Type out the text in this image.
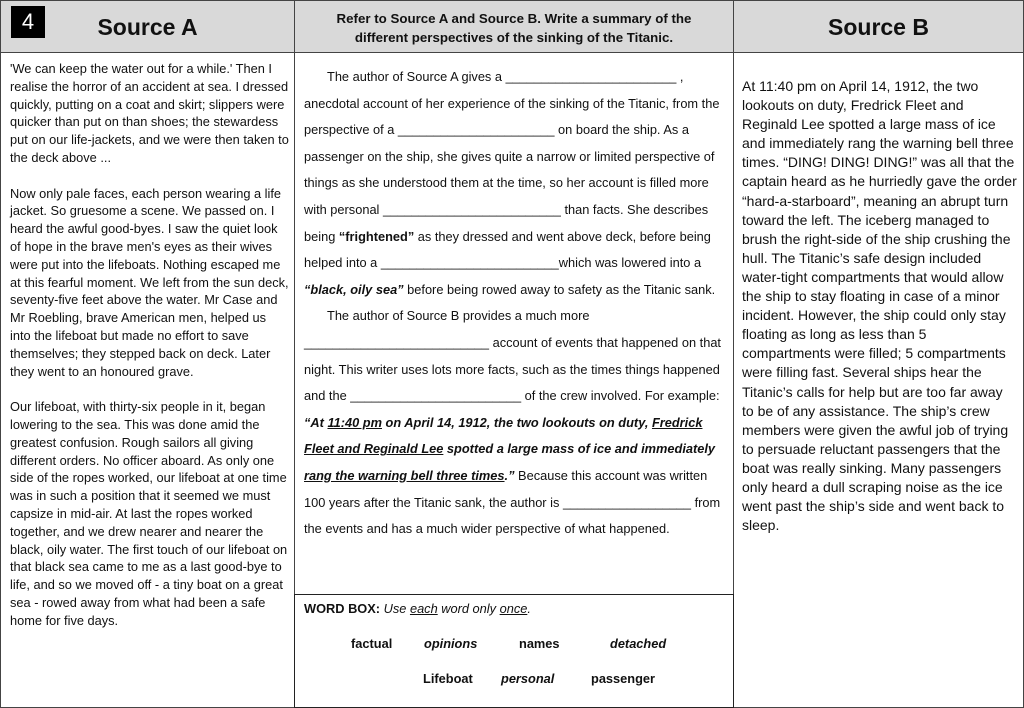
4	Source A	Refer to Source A and Source B. Write a summary of the different perspectives of the sinking of the Titanic.	Source B

'We can keep the water out for a while.' Then I realise the horror of an accident at sea. I dressed quickly, putting on a coat and skirt; slippers were quicker than put on than shoes; the stewardess put on our life-jackets, and we were then taken to the deck above ...

Now only pale faces, each person wearing a life jacket. So gruesome a scene. We passed on. I heard the awful good-byes. I saw the quiet look of hope in the brave men's eyes as their wives were put into the lifeboats. Nothing escaped me at this fearful moment. We left from the sun deck, seventy-five feet above the water. Mr Case and Mr Roebling, brave American men, helped us into the lifeboat but made no effort to save themselves; they stepped back on deck. Later they went to an honoured grave.

Our lifeboat, with thirty-six people in it, began lowering to the sea. This was done amid the greatest confusion. Rough sailors all giving different orders. No officer aboard. As only one side of the ropes worked, our lifeboat at one time was in such a position that it seemed we must capsize in mid-air. At last the ropes worked together, and we drew nearer and nearer the black, oily water. The first touch of our lifeboat on that black sea came to me as a last good-bye to life, and so we moved off - a tiny boat on a great sea - rowed away from what had been a safe home for five days.

The author of Source A gives a ________________________ , anecdotal account of her experience of the sinking of the Titanic, from the perspective of a ______________________ on board the ship. As a passenger on the ship, she gives quite a narrow or limited perspective of things as she understood them at the time, so her account is filled more with personal _________________________ than facts. She describes being “frightened” as they dressed and went above deck, before being helped into a _________________________which was lowered into a “black, oily sea” before being rowed away to safety as the Titanic sank.
The author of Source B provides a much more __________________________ account of events that happened on that night. This writer uses lots more facts, such as the times things happened and the ________________________ of the crew involved. For example: “At 11:40 pm on April 14, 1912, the two lookouts on duty, Fredrick Fleet and Reginald Lee spotted a large mass of ice and immediately rang the warning bell three times.” Because this account was written 100 years after the Titanic sank, the author is __________________ from the events and has a much wider perspective of what happened.
At 11:40 pm on April 14, 1912, the two lookouts on duty, Fredrick Fleet and Reginald Lee spotted a large mass of ice and immediately rang the warning bell three times. “DING! DING! DING!” was all that the captain heard as he hurriedly gave the order “hard-a-starboard”, meaning an abrupt turn toward the left. The iceberg managed to brush the right-side of the ship crushing the hull. The Titanic’s safe design included water-tight compartments that would allow the ship to stay floating in case of a minor incident. However, the ship could only stay floating as long as less than 5 compartments were filled; 5 compartments were filling fast. Several ships hear the Titanic’s calls for help but are too far away to be of any assistance. The ship’s crew members were given the awful job of trying to persuade reluctant passengers that the boat was really sinking. Many passengers only heard a dull scraping noise as the ice went past the ship’s side and went back to sleep.
WORD BOX: Use each word only once.
factual opinions	names	detached
Lifeboat personal	passenger
